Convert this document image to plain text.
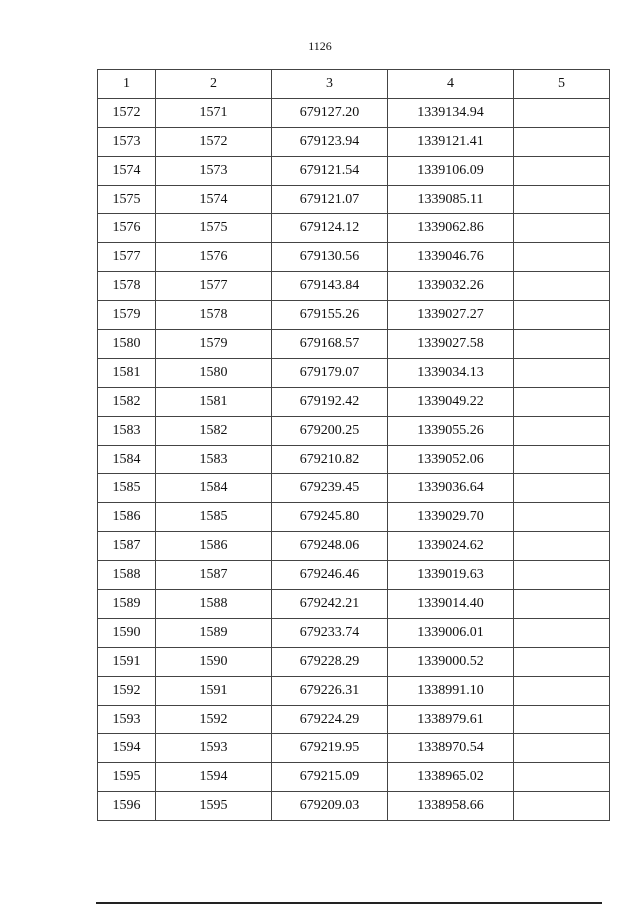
1126
1	2	3	4	5
1572	1571	679127.20	1339134.94	
1573	1572	679123.94	1339121.41	
1574	1573	679121.54	1339106.09	
1575	1574	679121.07	1339085.11	
1576	1575	679124.12	1339062.86	
1577	1576	679130.56	1339046.76	
1578	1577	679143.84	1339032.26	
1579	1578	679155.26	1339027.27	
1580	1579	679168.57	1339027.58	
1581	1580	679179.07	1339034.13	
1582	1581	679192.42	1339049.22	
1583	1582	679200.25	1339055.26	
1584	1583	679210.82	1339052.06	
1585	1584	679239.45	1339036.64	
1586	1585	679245.80	1339029.70	
1587	1586	679248.06	1339024.62	
1588	1587	679246.46	1339019.63	
1589	1588	679242.21	1339014.40	
1590	1589	679233.74	1339006.01	
1591	1590	679228.29	1339000.52	
1592	1591	679226.31	1338991.10	
1593	1592	679224.29	1338979.61	
1594	1593	679219.95	1338970.54	
1595	1594	679215.09	1338965.02	
1596	1595	679209.03	1338958.66	
